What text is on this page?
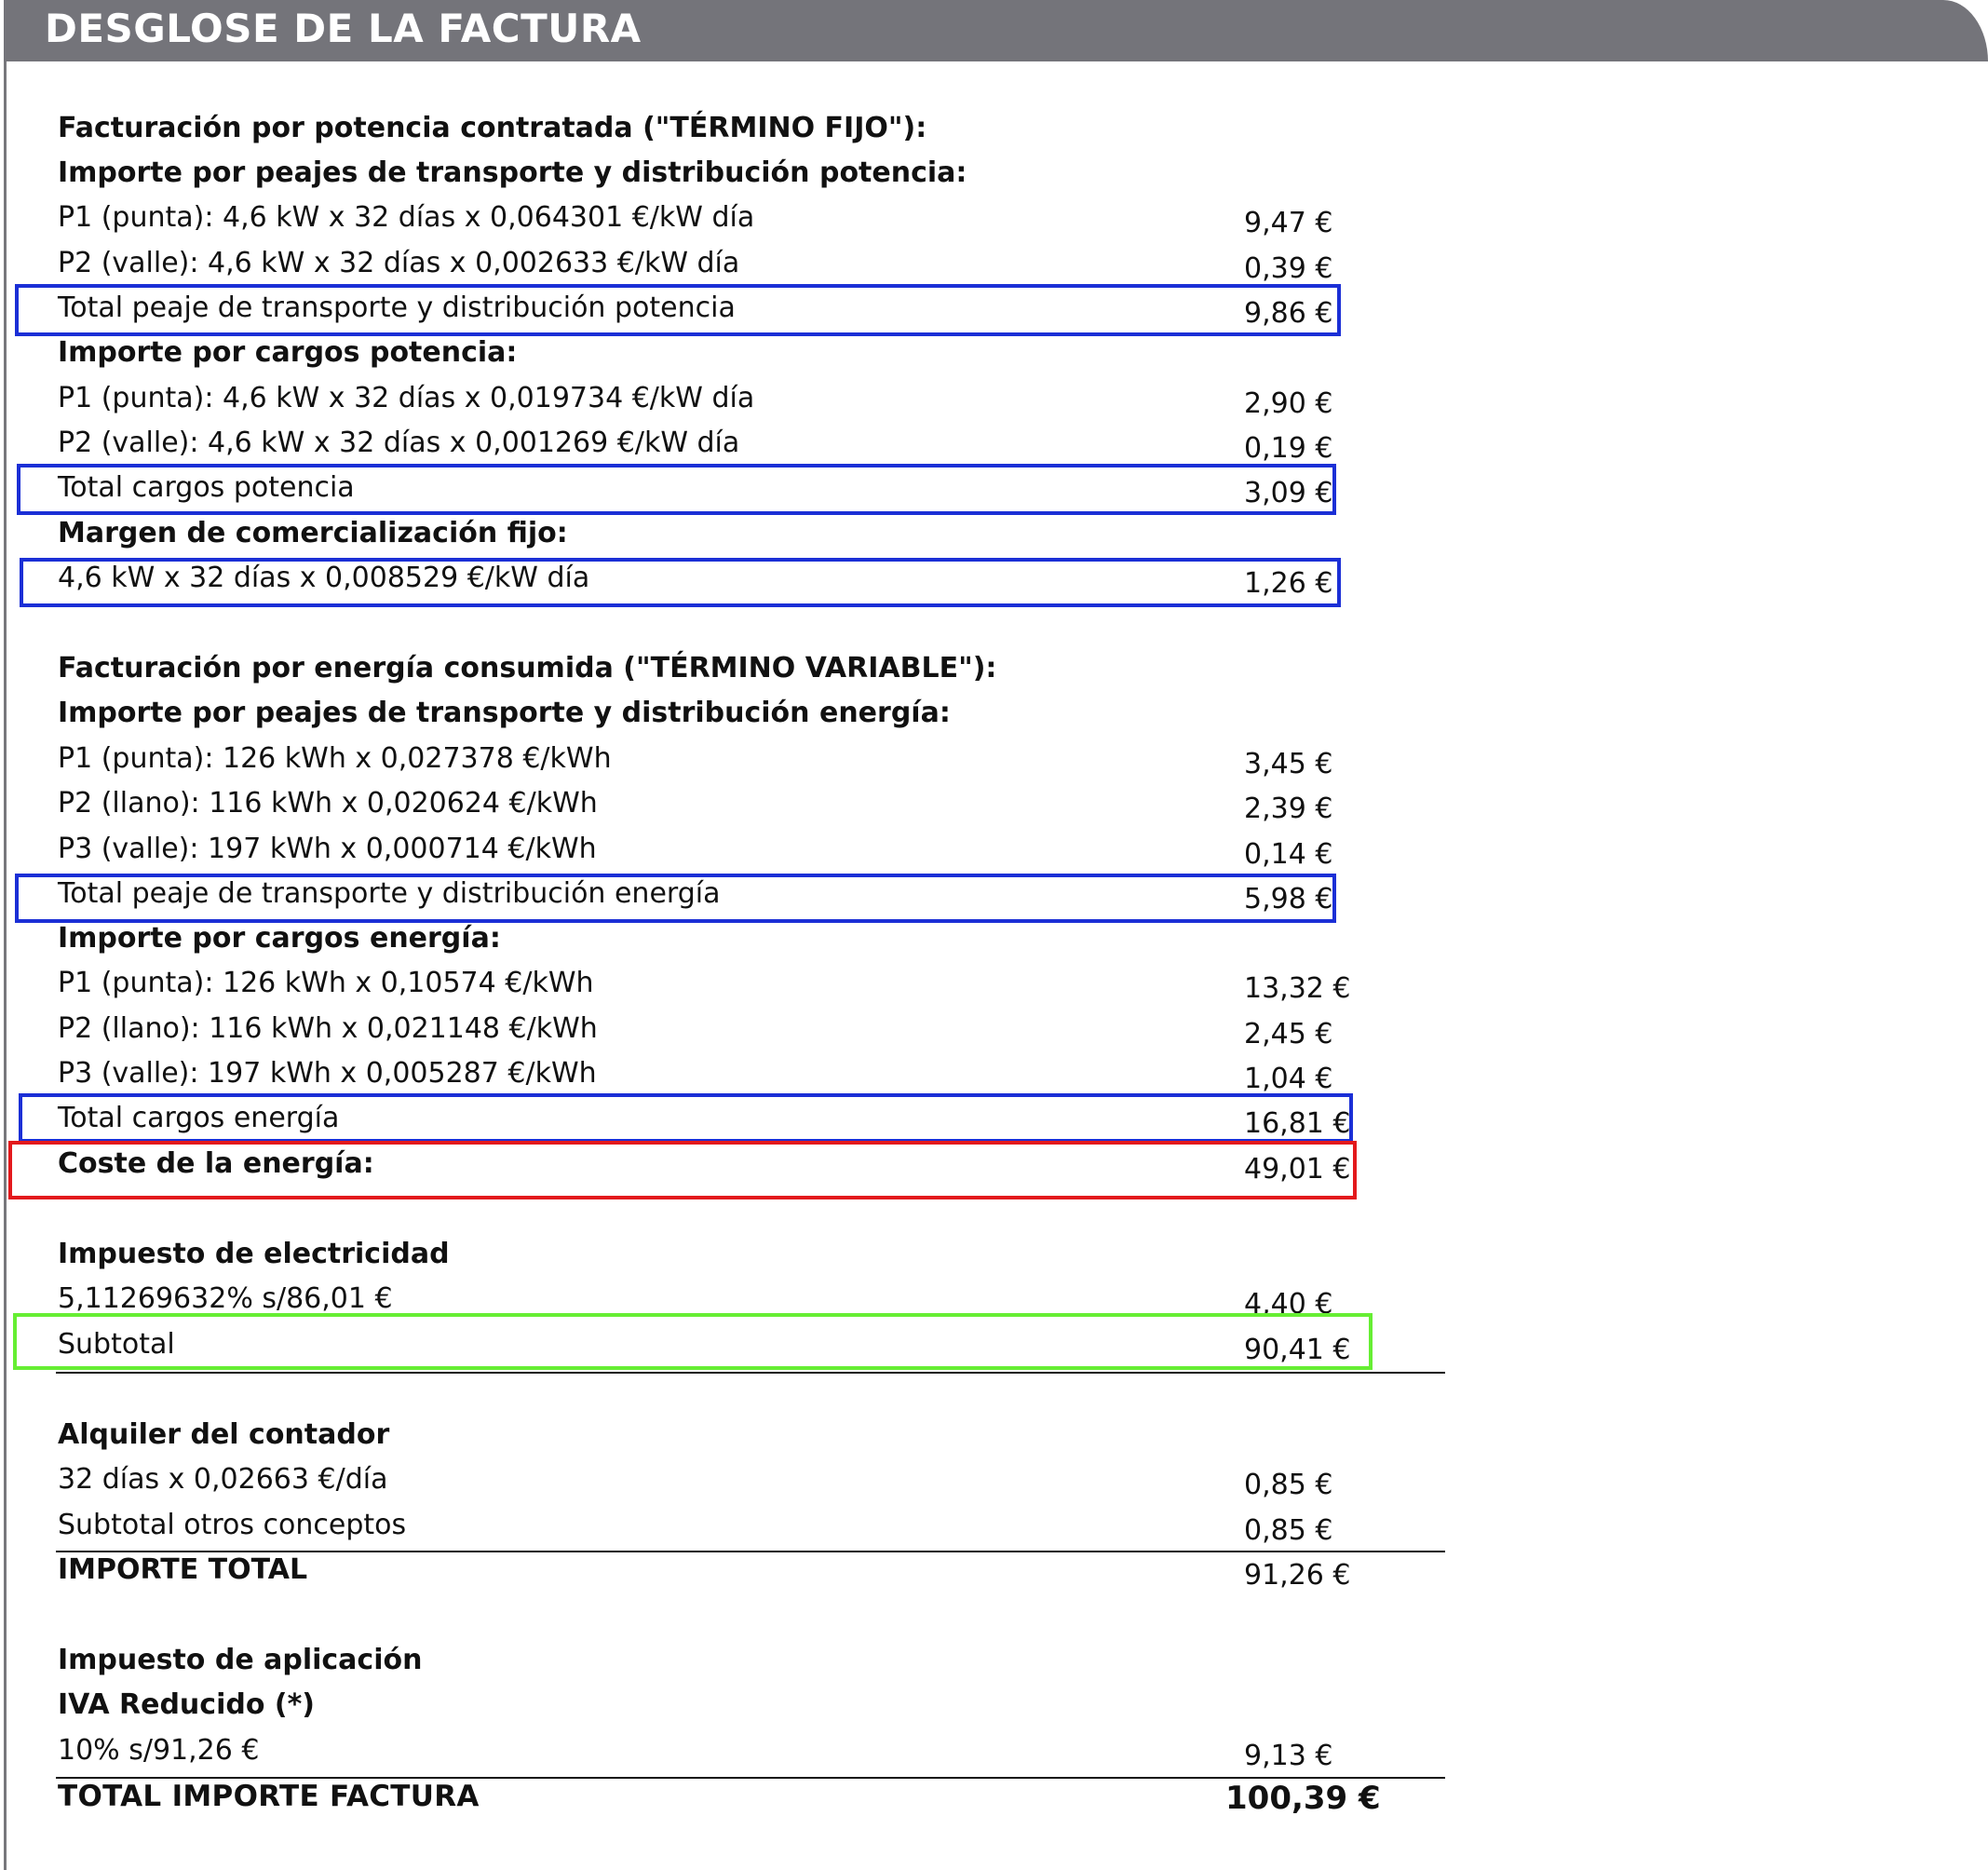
DESGLOSE DE LA FACTURA
Facturación por potencia contratada ("TÉRMINO FIJO"):
Importe por peajes de transporte y distribución potencia:
P1 (punta): 4,6 kW x 32 días x 0,064301 €/kW día	9,47 €
P2 (valle): 4,6 kW x 32 días x 0,002633 €/kW día	0,39 €
Total peaje de transporte y distribución potencia	9,86 €
Importe por cargos potencia:
P1 (punta): 4,6 kW x 32 días x 0,019734 €/kW día	2,90 €
P2 (valle): 4,6 kW x 32 días x 0,001269 €/kW día	0,19 €
Total cargos potencia	3,09 €
Margen de comercialización fijo:
4,6 kW x 32 días x 0,008529 €/kW día	1,26 €
Facturación por energía consumida ("TÉRMINO VARIABLE"):
Importe por peajes de transporte y distribución energía:
P1 (punta): 126 kWh x 0,027378 €/kWh	3,45 €
P2 (llano): 116 kWh x 0,020624 €/kWh	2,39 €
P3 (valle): 197 kWh x 0,000714 €/kWh	0,14 €
Total peaje de transporte y distribución energía	5,98 €
Importe por cargos energía:
P1 (punta): 126 kWh x 0,10574 €/kWh	13,32 €
P2 (llano): 116 kWh x 0,021148 €/kWh	2,45 €
P3 (valle): 197 kWh x 0,005287 €/kWh	1,04 €
Total cargos energía	16,81 €
Coste de la energía:	49,01 €
Impuesto de electricidad
5,11269632% s/86,01 €	4,40 €
Subtotal	90,41 €
Alquiler del contador
32 días x 0,02663 €/día	0,85 €
Subtotal otros conceptos	0,85 €
IMPORTE TOTAL	91,26 €
Impuesto de aplicación
IVA Reducido (*)
10% s/91,26 €	9,13 €
TOTAL IMPORTE FACTURA	100,39 €
